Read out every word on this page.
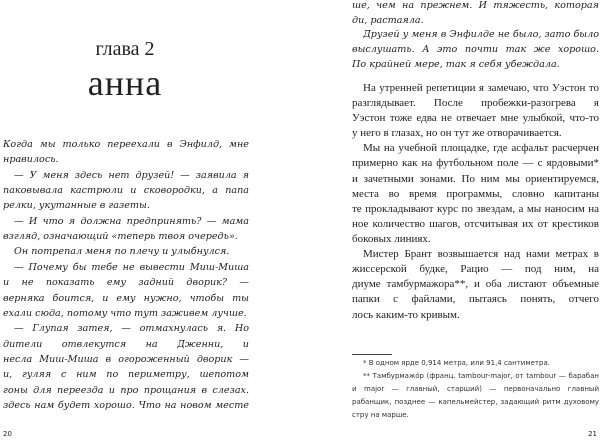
глава 2
анна
20
Когда мы только переехали в Энфилд, мне
нравилось.
— У меня здесь нет друзей! — заявила я
паковывала кастрюли и сковородки, а папа
релки, укутанные в газеты.
— И что я должна предпринять? — мама
взгляд, означающий «теперь твоя очередь».
Он потрепал меня по плечу и улыбнулся.
— Почему бы тебе не вывести Миш-Миша
и не показать ему задний дворик? —
верняка боится, и ему нужно, чтобы ты
ехали сюда, потому что тут заживем лучше.
— Глупая затея, — отмахнулась я. Но
дители отвлекутся на Дженни, и
несла Миш-Миша в огороженный дворик —
и, гуляя с ним по периметру, шепотом
гоны для переезда и про прощания в слезах.
здесь нам будет хорошо. Что на новом месте
21
ше, чем на прежнем. И тяжесть, которая
ди, растаяла.
Друзей у меня в Энфилде не было, зато было
выслушать. А это почти так же хорошо.
По крайней мере, так я себя убеждала.
На утренней репетиции я замечаю, что Уэстон то
разглядывает. После пробежки-разогрева я
Уэстон тоже едва не отвечает мне улыбкой, что-то
у него в глазах, но он тут же отворачивается.
Мы на учебной площадке, где асфальт расчерчен
примерно как на футбольном поле — с ярдовыми*
и зачетными зонами. По ним мы ориентируемся,
места во время программы, словно капитаны
те прокладывают курс по звездам, а мы наносим на
ное количество шагов, отсчитывая их от крестиков
боковых линиях.
Мистер Брант возвышается над нами метрах в
жиссерской будке, Рацио — под ним, на
диуме тамбурмажора**, и оба листают объемные
папки с файлами, пытаясь понять, отчего
лось каким-то кривым.
* В одном ярде 0,914 метра, или 91,4 сантиметра.
** Тамбурмажóр (франц. tambour-major, от tambour — барабан
и major — главный, старший) — первоначально главный
рабанщик, позднее — капельмейстер, задающий ритм духовому
стру на марше.
